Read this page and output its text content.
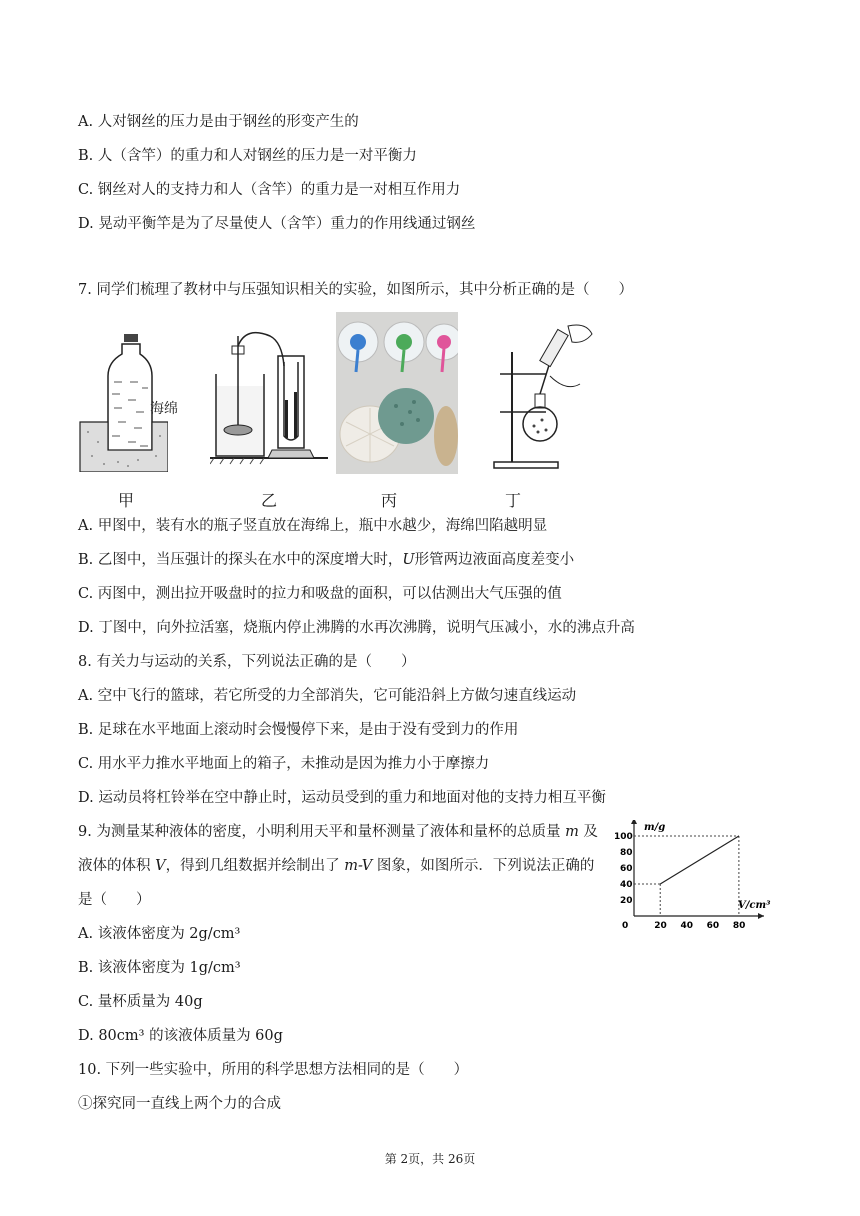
A. 人对钢丝的压力是由于钢丝的形变产生的
B. 人（含竿）的重力和人对钢丝的压力是一对平衡力
C. 钢丝对人的支持力和人（含竿）的重力是一对相互作用力
D. 晃动平衡竿是为了尽量使人（含竿）重力的作用线通过钢丝
7. 同学们梳理了教材中与压强知识相关的实验，如图所示，其中分析正确的是（　　）
海绵
甲	乙	丙	丁
A. 甲图中，装有水的瓶子竖直放在海绵上，瓶中水越少，海绵凹陷越明显
B. 乙图中，当压强计的探头在水中的深度增大时，U形管两边液面高度差变小
C. 丙图中，测出拉开吸盘时的拉力和吸盘的面积，可以估测出大气压强的值
D. 丁图中，向外拉活塞，烧瓶内停止沸腾的水再次沸腾，说明气压减小，水的沸点升高
8. 有关力与运动的关系，下列说法正确的是（　　）
A. 空中飞行的篮球，若它所受的力全部消失，它可能沿斜上方做匀速直线运动
B. 足球在水平地面上滚动时会慢慢停下来，是由于没有受到力的作用
C. 用水平力推水平地面上的箱子，未推动是因为推力小于摩擦力
D. 运动员将杠铃举在空中静止时，运动员受到的重力和地面对他的支持力相互平衡
9. 为测量某种液体的密度，小明利用天平和量杯测量了液体和量杯的总质量 m 及
液体的体积 V，得到几组数据并绘制出了 m-V 图象，如图所示．下列说法正确的
是（　　）
A. 该液体密度为 2g/cm³
B. 该液体密度为 1g/cm³
C. 量杯质量为 40g
D. 80cm³ 的该液体质量为 60g
0	20 40 60 80
20
40
60
80
100
m/g
V/cm³
10. 下列一些实验中，所用的科学思想方法相同的是（　　）
①探究同一直线上两个力的合成
第 2页，共 26页
